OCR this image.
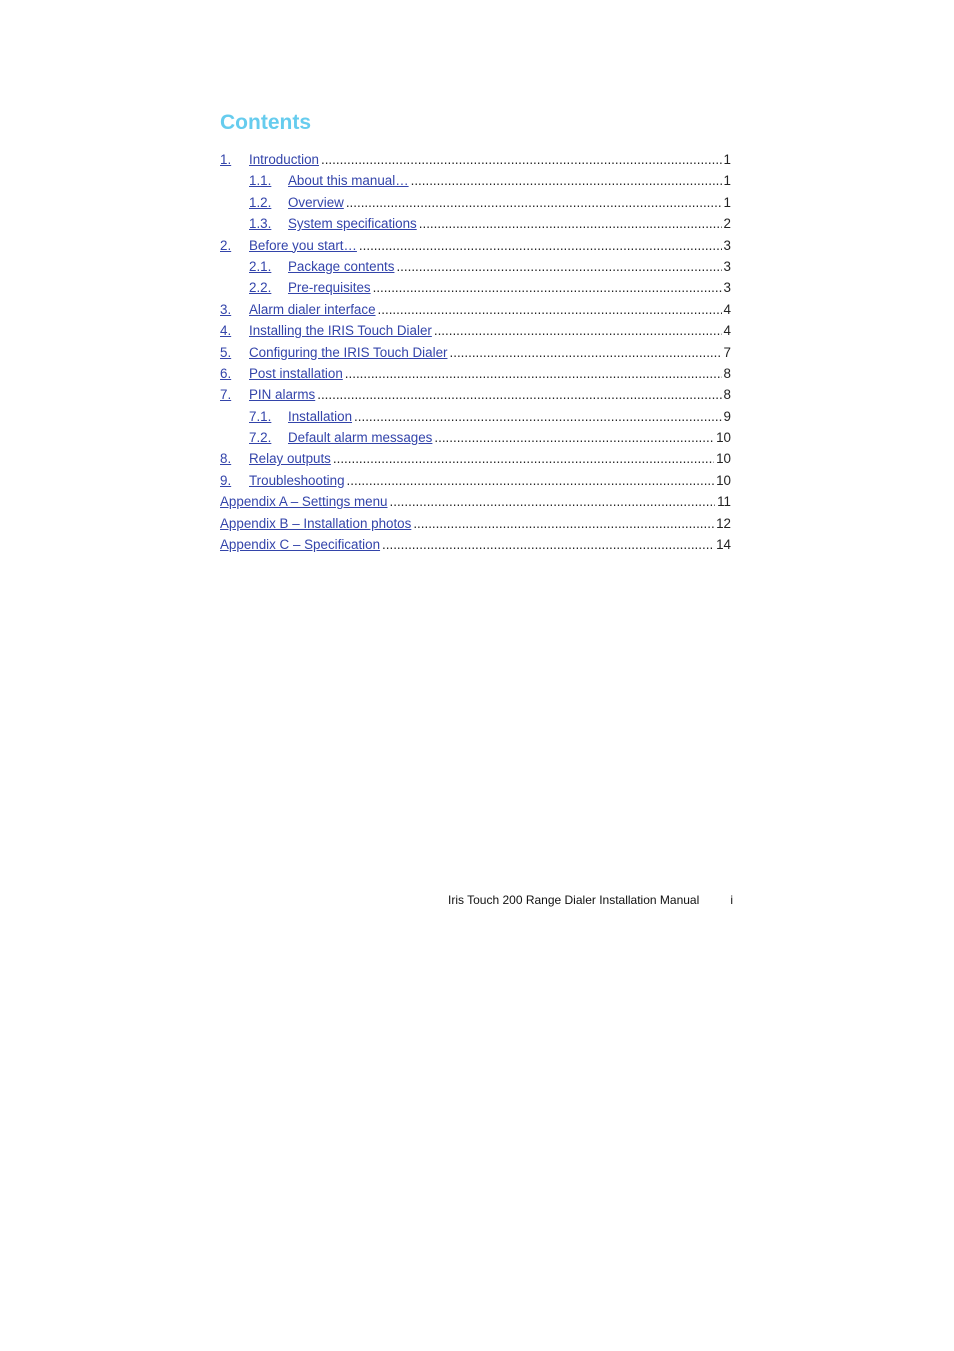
Contents
1.	Introduction .....	1
1.1.	About this manual… .....	1
1.2.	Overview .....	1
1.3.	System specifications .....	2
2.	Before you start… .....	3
2.1.	Package contents .....	3
2.2.	Pre-requisites .....	3
3.	Alarm dialer interface .....	4
4.	Installing the IRIS Touch Dialer .....	4
5.	Configuring the IRIS Touch Dialer .....	7
6.	Post installation .....	8
7.	PIN alarms .....	8
7.1.	Installation .....	9
7.2.	Default alarm messages .....	10
8.	Relay outputs .....	10
9.	Troubleshooting .....	10
Appendix A – Settings menu .....	11
Appendix B – Installation photos .....	12
Appendix C – Specification .....	14
Iris Touch 200 Range Dialer Installation Manual	i
